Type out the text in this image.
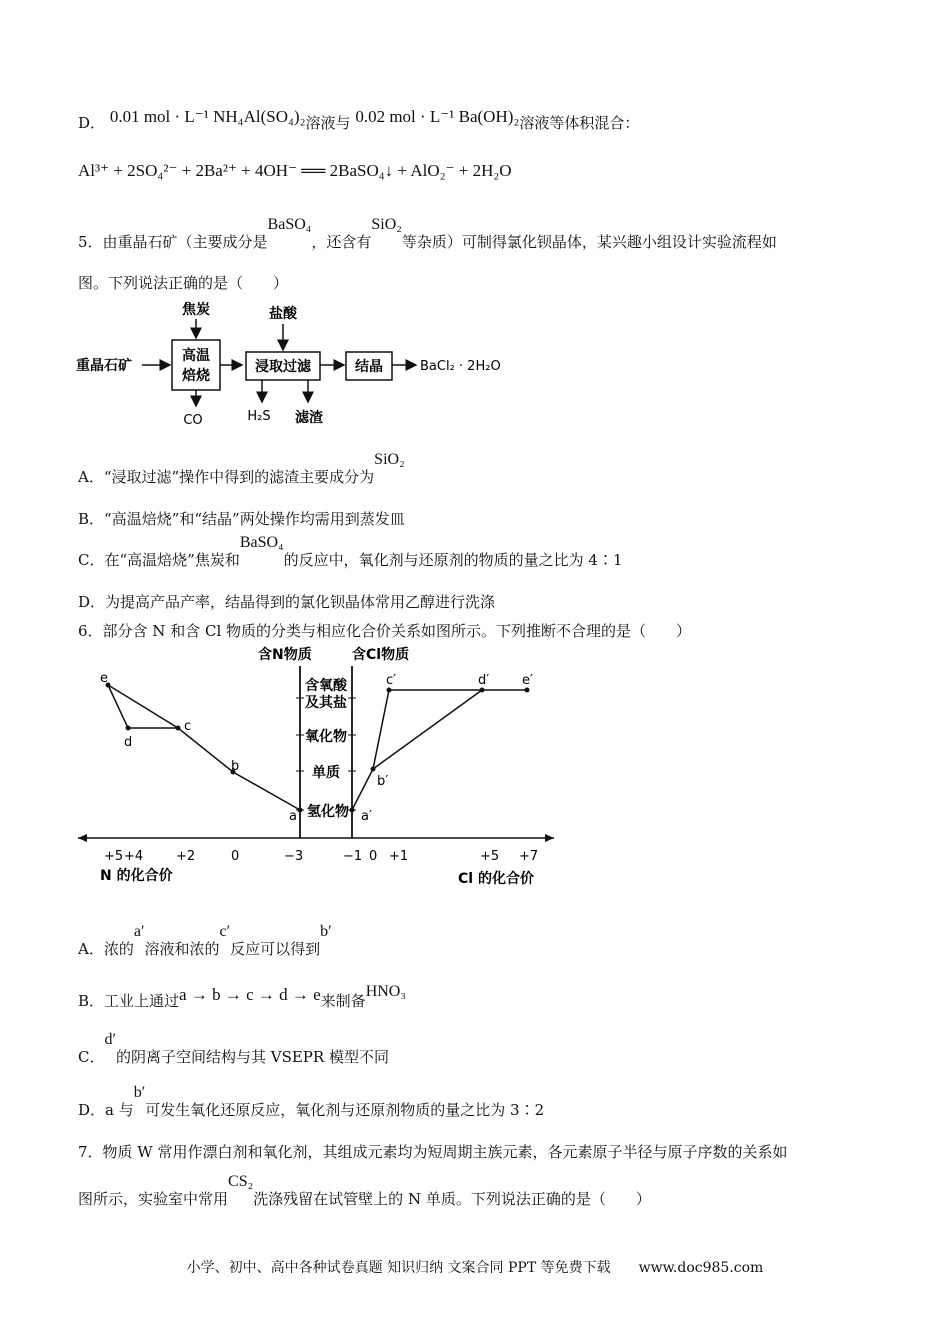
D． 0.01 mol · L⁻¹ NH₄Al(SO₄)₂溶液与 0.02 mol · L⁻¹ Ba(OH)₂溶液等体积混合：
Al³⁺ + 2SO₄²⁻ + 2Ba²⁺ + 4OH⁻ ══ 2BaSO₄↓ + AlO₂⁻ + 2H₂O
5．由重晶石矿（主要成分是BaSO₄，还含有SiO₂等杂质）可制得氯化钡晶体，某兴趣小组设计实验流程如
图。下列说法正确的是（　　）
重晶石矿
高温
焙烧
焦炭
CO
浸取过滤
盐酸
H₂S 滤渣
结晶	BaCl₂ · 2H₂O
A．“浸取过滤”操作中得到的滤渣主要成分为SiO₂
B．“高温焙烧”和“结晶”两处操作均需用到蒸发皿
C．在“高温焙烧”焦炭和BaSO₄的反应中，氧化剂与还原剂的物质的量之比为 4∶1
D．为提高产品产率，结晶得到的氯化钡晶体常用乙醇进行洗涤
6．部分含 N 和含 Cl 物质的分类与相应化合价关系如图所示。下列推断不合理的是（　　）
含N物质	含Cl物质
含氧酸
及其盐
氧化物
单质
氢化物
e
d
c
b
a	a′
b′
c′	d′	e′
+5 +4	+2	0	−3	−1 0 +1	+5 +7
N 的化合价	Cl 的化合价
A．浓的a′溶液和浓的c′反应可以得到b′
B．工业上通过a → b → c → d → e来制备HNO₃
C．d′的阴离子空间结构与其 VSEPR 模型不同
D．a 与b′可发生氧化还原反应，氧化剂与还原剂物质的量之比为 3∶2
7．物质 W 常用作漂白剂和氧化剂，其组成元素均为短周期主族元素，各元素原子半径与原子序数的关系如
图所示，实验室中常用CS₂洗涤残留在试管壁上的 N 单质。下列说法正确的是（　　）
小学、初中、高中各种试卷真题 知识归纳 文案合同 PPT 等免费下载　　www.doc985.com
